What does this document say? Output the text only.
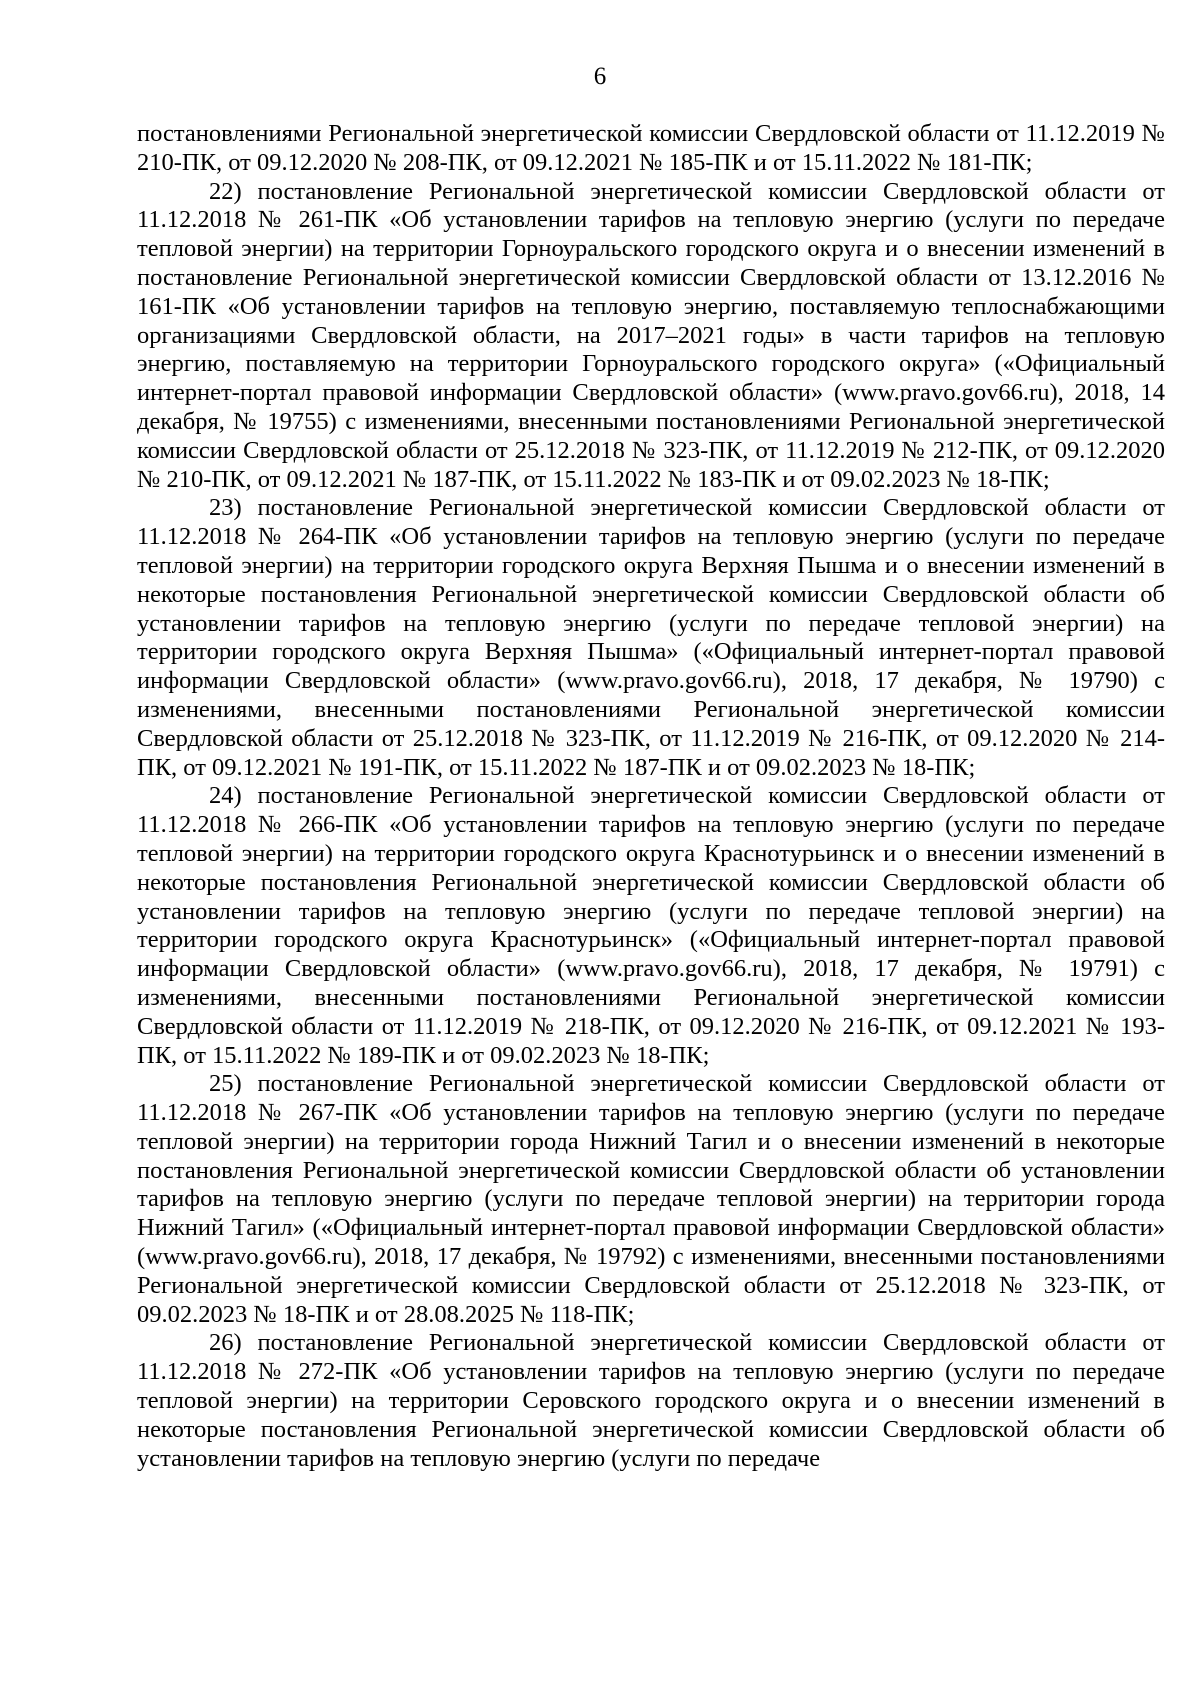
6

постановлениями Региональной энергетической комиссии Свердловской области от 11.12.2019 № 210-ПК, от 09.12.2020 № 208-ПК, от 09.12.2021 № 185-ПК и от 15.11.2022 № 181-ПК;

22) постановление Региональной энергетической комиссии Свердловской области от 11.12.2018 № 261-ПК «Об установлении тарифов на тепловую энергию (услуги по передаче тепловой энергии) на территории Горноуральского городского округа и о внесении изменений в постановление Региональной энергетической комиссии Свердловской области от 13.12.2016 № 161-ПК «Об установлении тарифов на тепловую энергию, поставляемую теплоснабжающими организациями Свердловской области, на 2017–2021 годы» в части тарифов на тепловую энергию, поставляемую на территории Горноуральского городского округа» («Официальный интернет-портал правовой информации Свердловской области» (www.pravo.gov66.ru), 2018, 14 декабря, № 19755) с изменениями, внесенными постановлениями Региональной энергетической комиссии Свердловской области от 25.12.2018 № 323-ПК, от 11.12.2019 № 212-ПК, от 09.12.2020 № 210-ПК, от 09.12.2021 № 187-ПК, от 15.11.2022 № 183-ПК и от 09.02.2023 № 18-ПК;

23) постановление Региональной энергетической комиссии Свердловской области от 11.12.2018 № 264-ПК «Об установлении тарифов на тепловую энергию (услуги по передаче тепловой энергии) на территории городского округа Верхняя Пышма и о внесении изменений в некоторые постановления Региональной энергетической комиссии Свердловской области об установлении тарифов на тепловую энергию (услуги по передаче тепловой энергии) на территории городского округа Верхняя Пышма» («Официальный интернет-портал правовой информации Свердловской области» (www.pravo.gov66.ru), 2018, 17 декабря, № 19790) с изменениями, внесенными постановлениями Региональной энергетической комиссии Свердловской области от 25.12.2018 № 323-ПК, от 11.12.2019 № 216-ПК, от 09.12.2020 № 214-ПК, от 09.12.2021 № 191-ПК, от 15.11.2022 № 187-ПК и от 09.02.2023 № 18-ПК;

24) постановление Региональной энергетической комиссии Свердловской области от 11.12.2018 № 266-ПК «Об установлении тарифов на тепловую энергию (услуги по передаче тепловой энергии) на территории городского округа Краснотурьинск и о внесении изменений в некоторые постановления Региональной энергетической комиссии Свердловской области об установлении тарифов на тепловую энергию (услуги по передаче тепловой энергии) на территории городского округа Краснотурьинск» («Официальный интернет-портал правовой информации Свердловской области» (www.pravo.gov66.ru), 2018, 17 декабря, № 19791) с изменениями, внесенными постановлениями Региональной энергетической комиссии Свердловской области от 11.12.2019 № 218-ПК, от 09.12.2020 № 216-ПК, от 09.12.2021 № 193-ПК, от 15.11.2022 № 189-ПК и от 09.02.2023 № 18-ПК;

25) постановление Региональной энергетической комиссии Свердловской области от 11.12.2018 № 267-ПК «Об установлении тарифов на тепловую энергию (услуги по передаче тепловой энергии) на территории города Нижний Тагил и о внесении изменений в некоторые постановления Региональной энергетической комиссии Свердловской области об установлении тарифов на тепловую энергию (услуги по передаче тепловой энергии) на территории города Нижний Тагил» («Официальный интернет-портал правовой информации Свердловской области» (www.pravo.gov66.ru), 2018, 17 декабря, № 19792) с изменениями, внесенными постановлениями Региональной энергетической комиссии Свердловской области от 25.12.2018 № 323-ПК, от 09.02.2023 № 18-ПК и от 28.08.2025 № 118-ПК;

26) постановление Региональной энергетической комиссии Свердловской области от 11.12.2018 № 272-ПК «Об установлении тарифов на тепловую энергию (услуги по передаче тепловой энергии) на территории Серовского городского округа и о внесении изменений в некоторые постановления Региональной энергетической комиссии Свердловской области об установлении тарифов на тепловую энергию (услуги по передаче
